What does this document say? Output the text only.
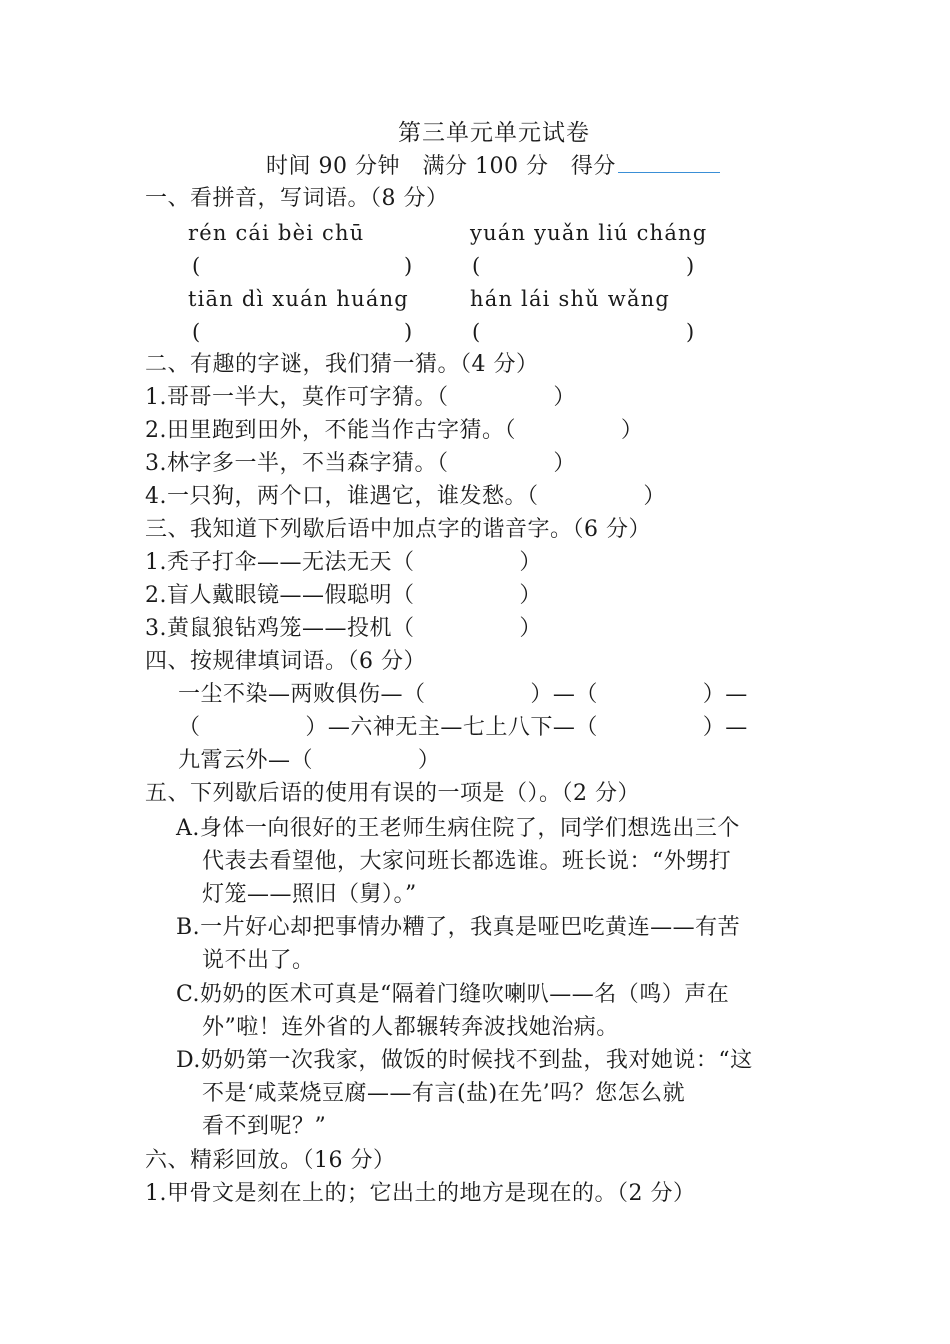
第三单元单元试卷
时间 90 分钟   满分 100 分   得分
一、看拼音，写词语。（8 分）
rén cái bèi chū	yuán yuǎn liú cháng
(	)	(	)
tiān dì xuán huáng	hán lái shǔ wǎng
(	)	(	)
二、有趣的字谜，我们猜一猜。（4 分）
1.哥哥一半大，莫作可字猜。（              ）
2.田里跑到田外，不能当作古字猜。（              ）
3.林字多一半，不当森字猜。（              ）
4.一只狗，两个口，谁遇它，谁发愁。（              ）
三、我知道下列歇后语中加点字的谐音字。（6 分）
1.秃子打伞——无法无天（              ）
2.盲人戴眼镜——假聪明（              ）
3.黄鼠狼钻鸡笼——投机（              ）
四、按规律填词语。（6 分）
一尘不染—两败俱伤—（              ）—（              ）—
（              ）—六神无主—七上八下—（              ）—
九霄云外—（              ）
五、下列歇后语的使用有误的一项是（）。（2 分）
A.身体一向很好的王老师生病住院了，同学们想选出三个
代表去看望他，大家问班长都选谁。班长说：“外甥打
灯笼——照旧（舅）。”
B.一片好心却把事情办糟了，我真是哑巴吃黄连——有苦
说不出了。
C.奶奶的医术可真是“隔着门缝吹喇叭——名（鸣）声在
外”啦！连外省的人都辗转奔波找她治病。
D.奶奶第一次我家，做饭的时候找不到盐，我对她说：“这
不是‘咸菜烧豆腐——有言(盐)在先’吗？您怎么就
看不到呢？”
六、精彩回放。（16 分）
1.甲骨文是刻在上的；它出土的地方是现在的。（2 分）
